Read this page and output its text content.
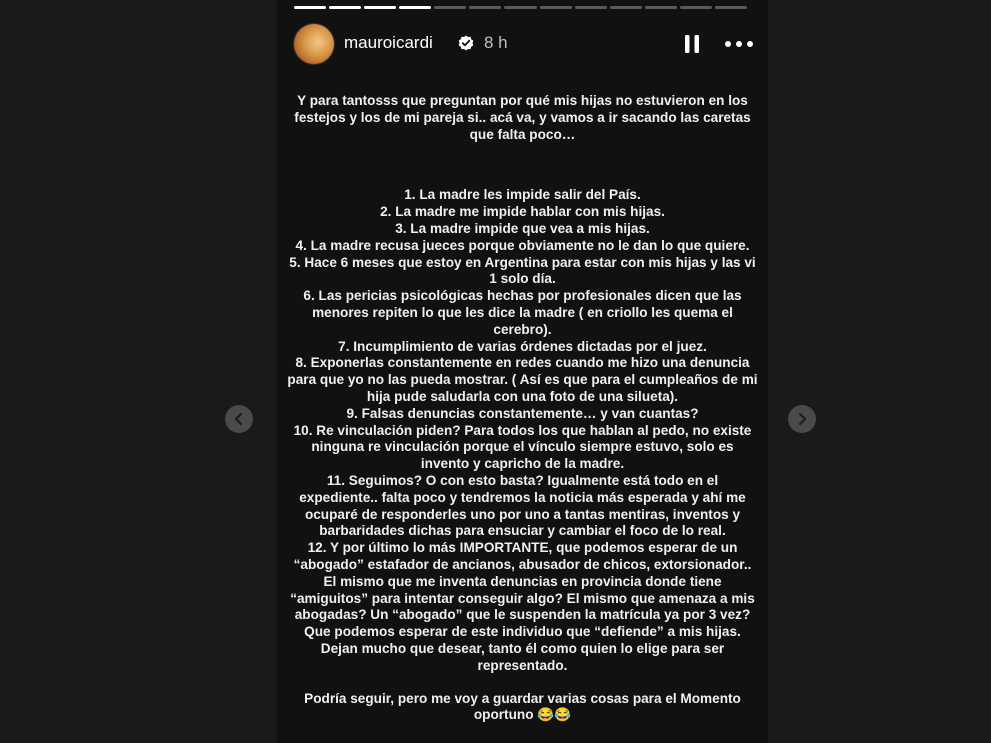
mauroicardi	8 h

Y para tantosss que preguntan por qué mis hijas no estuvieron en los festejos y los de mi pareja si.. acá va, y vamos a ir sacando las caretas que falta poco…

1. La madre les impide salir del País.
2. La madre me impide hablar con mis hijas.
3. La madre impide que vea a mis hijas.
4. La madre recusa jueces porque obviamente no le dan lo que quiere.
5. Hace 6 meses que estoy en Argentina para estar con mis hijas y las vi 1 solo día.
6. Las pericias psicológicas hechas por profesionales dicen que las menores repiten lo que les dice la madre ( en criollo les quema el cerebro).
7. Incumplimiento de varias órdenes dictadas por el juez.
8. Exponerlas constantemente en redes cuando me hizo una denuncia para que yo no las pueda mostrar. ( Así es que para el cumpleaños de mi hija pude saludarla con una foto de una silueta).
9. Falsas denuncias constantemente… y van cuantas?
10. Re vinculación piden? Para todos los que hablan al pedo, no existe ninguna re vinculación porque el vínculo siempre estuvo, solo es invento y capricho de la madre.
11. Seguimos? O con esto basta? Igualmente está todo en el expediente.. falta poco y tendremos la noticia más esperada y ahí me ocuparé de responderles uno por uno a tantas mentiras, inventos y barbaridades dichas para ensuciar y cambiar el foco de lo real.
12. Y por último lo más IMPORTANTE, que podemos esperar de un “abogado” estafador de ancianos, abusador de chicos, extorsionador.. El mismo que me inventa denuncias en provincia donde tiene “amiguitos” para intentar conseguir algo? El mismo que amenaza a mis abogadas? Un “abogado” que le suspenden la matrícula ya por 3 vez? Que podemos esperar de este individuo que “defiende” a mis hijas. Dejan mucho que desear, tanto él como quien lo elige para ser representado.

Podría seguir, pero me voy a guardar varias cosas para el Momento oportuno 😂😂
